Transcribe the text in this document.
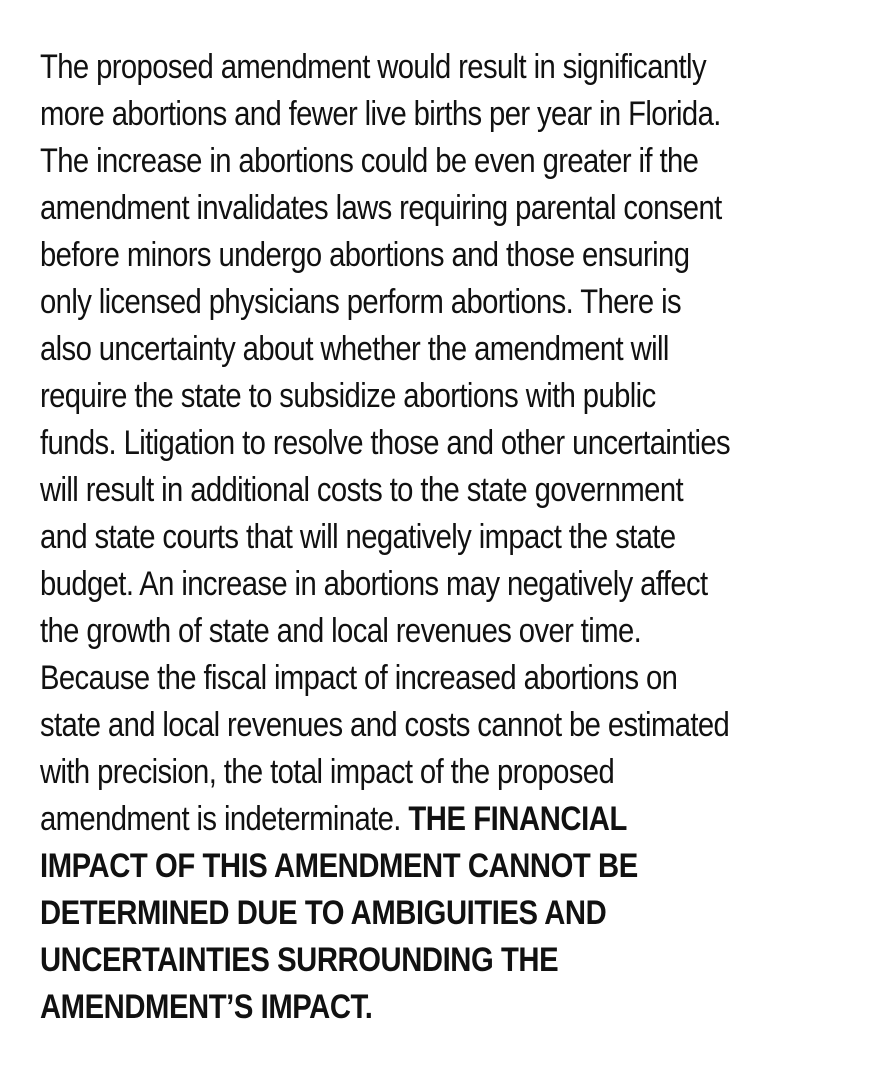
The proposed amendment would result in significantly
more abortions and fewer live births per year in Florida.
The increase in abortions could be even greater if the
amendment invalidates laws requiring parental consent
before minors undergo abortions and those ensuring
only licensed physicians perform abortions. There is
also uncertainty about whether the amendment will
require the state to subsidize abortions with public
funds. Litigation to resolve those and other uncertainties
will result in additional costs to the state government
and state courts that will negatively impact the state
budget. An increase in abortions may negatively affect
the growth of state and local revenues over time.
Because the fiscal impact of increased abortions on
state and local revenues and costs cannot be estimated
with precision, the total impact of the proposed
amendment is indeterminate. THE FINANCIAL
IMPACT OF THIS AMENDMENT CANNOT BE
DETERMINED DUE TO AMBIGUITIES AND
UNCERTAINTIES SURROUNDING THE
AMENDMENT’S IMPACT.
